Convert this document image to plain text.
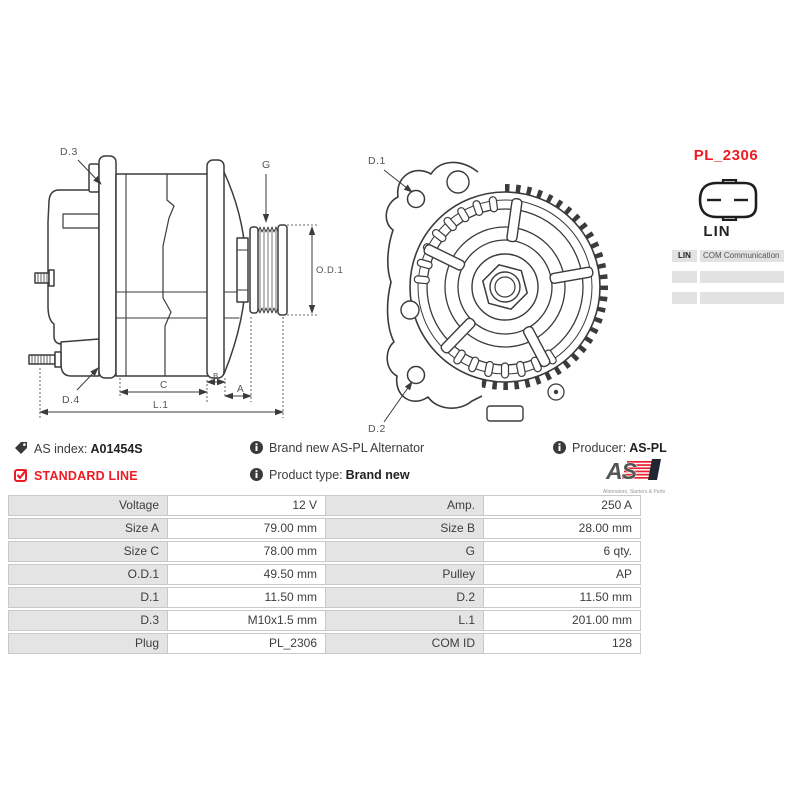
D.3
D.4
G
O.D.1
C
B
A
L.1
D.1
D.2
PL_2306
LIN
LIN	COM Communication
AS index: A01454S	Brand new AS-PL Alternator	Producer: AS-PL
STANDARD LINE	Product type: Brand new	AS
Alternators, Starters & Parts
Voltage	12 V	Amp.	250 A
Size A	79.00 mm	Size B	28.00 mm
Size C	78.00 mm	G	6 qty.
O.D.1	49.50 mm	Pulley	AP
D.1	11.50 mm	D.2	11.50 mm
D.3	M10x1.5 mm	L.1	201.00 mm
Plug	PL_2306	COM ID	128
